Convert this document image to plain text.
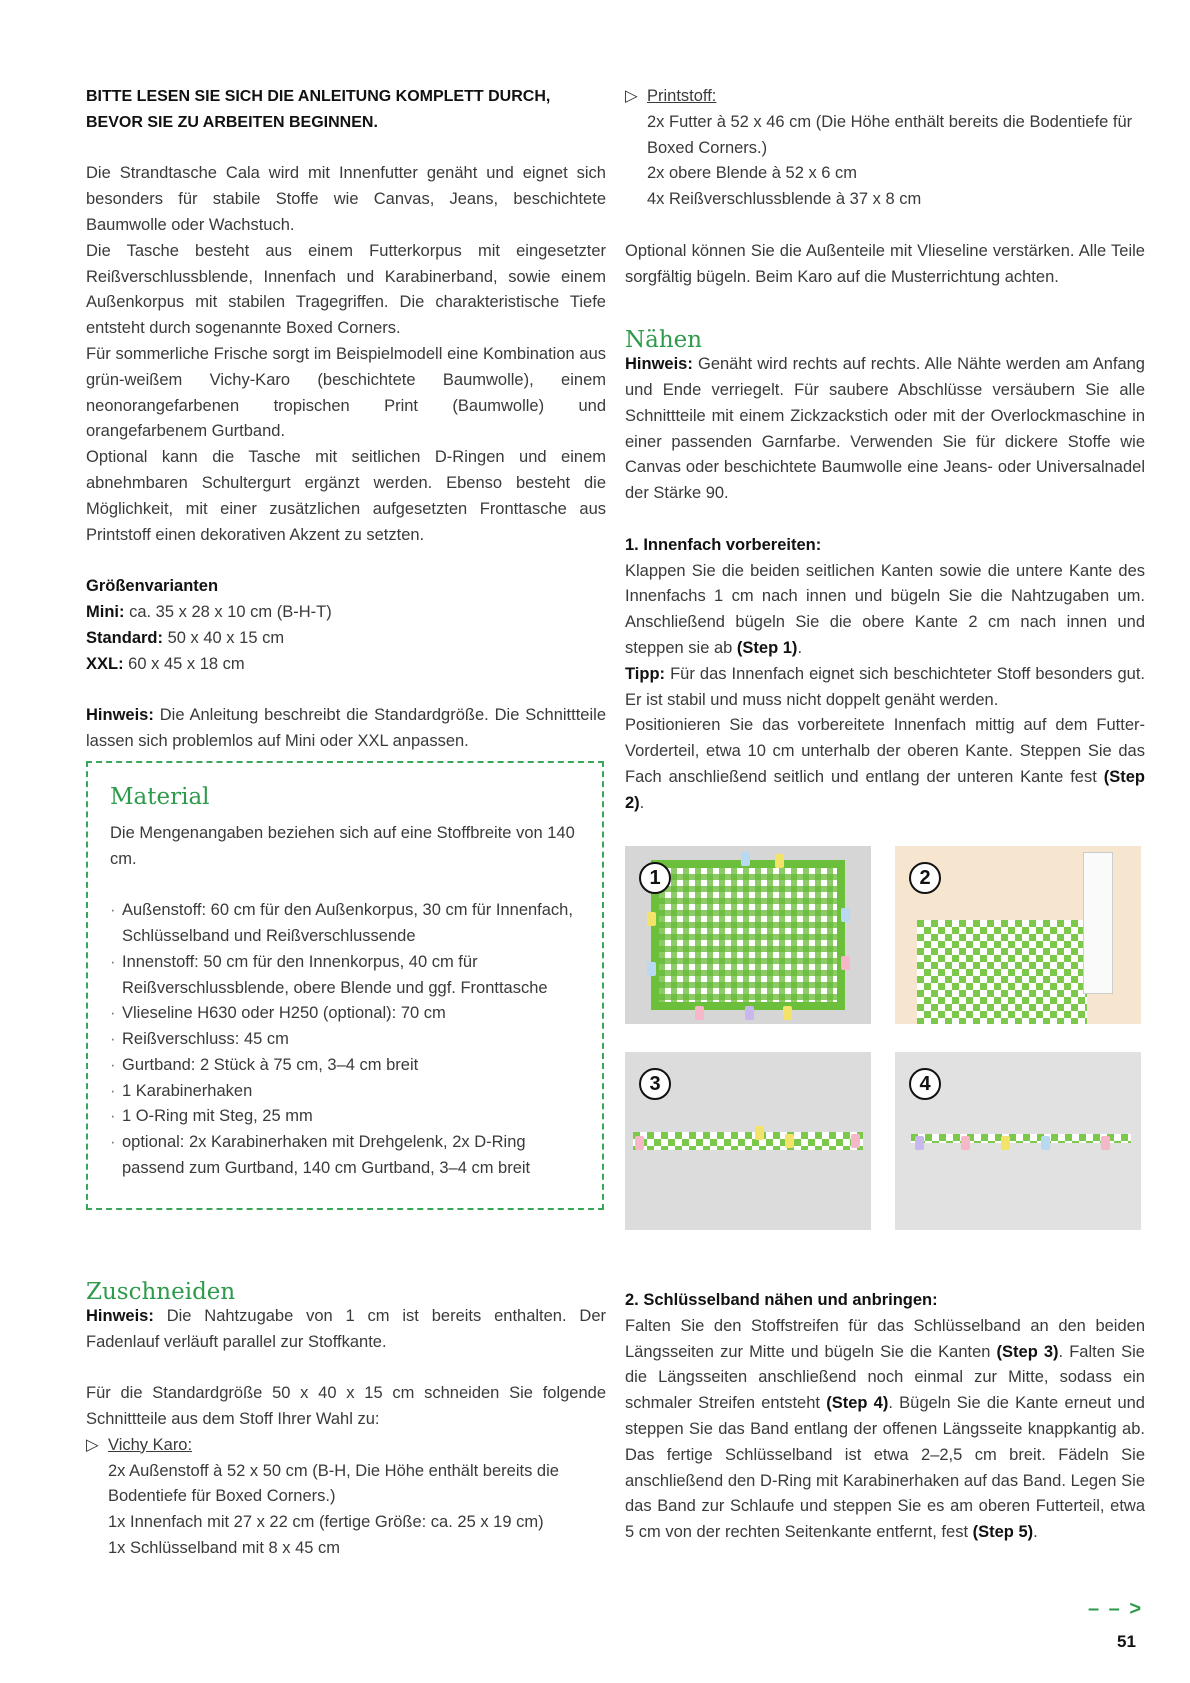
BITTE LESEN SIE SICH DIE ANLEITUNG KOMPLETT DURCH,
BEVOR SIE ZU ARBEITEN BEGINNEN.

Die Strandtasche Cala wird mit Innenfutter genäht und eignet sich besonders für stabile Stoffe wie Canvas, Jeans, beschichtete Baumwolle oder Wachstuch.

Die Tasche besteht aus einem Futterkorpus mit eingesetzter Reißverschlussblende, Innenfach und Karabinerband, sowie einem Außenkorpus mit stabilen Tragegriffen. Die charakteristische Tiefe entsteht durch sogenannte Boxed Corners.

Für sommerliche Frische sorgt im Beispielmodell eine Kombination aus grün-weißem Vichy-Karo (beschichtete Baumwolle), einem neonorangefarbenen tropischen Print (Baumwolle) und orangefarbenem Gurtband.

Optional kann die Tasche mit seitlichen D-Ringen und einem abnehmbaren Schultergurt ergänzt werden. Ebenso besteht die Möglichkeit, mit einer zusätzlichen aufgesetzten Fronttasche aus Printstoff einen dekorativen Akzent zu setzten.

Größenvarianten
Mini: ca. 35 x 28 x 10 cm (B-H-T)
Standard: 50 x 40 x 15 cm
XXL: 60 x 45 x 18 cm

Hinweis: Die Anleitung beschreibt die Standardgröße. Die Schnittteile lassen sich problemlos auf Mini oder XXL anpassen.

Material

Die Mengenangaben beziehen sich auf eine Stoffbreite von 140 cm.

· Außenstoff: 60 cm für den Außenkorpus, 30 cm für Innenfach, Schlüsselband und Reißverschlussende
· Innenstoff: 50 cm für den Innenkorpus, 40 cm für Reißverschlussblende, obere Blende und ggf. Fronttasche
· Vlieseline H630 oder H250 (optional): 70 cm
· Reißverschluss: 45 cm
· Gurtband: 2 Stück à 75 cm, 3–4 cm breit
· 1 Karabinerhaken
· 1 O-Ring mit Steg, 25 mm
· optional: 2x Karabinerhaken mit Drehgelenk, 2x D-Ring passend zum Gurtband, 140 cm Gurtband, 3–4 cm breit
Zuschneiden

Hinweis: Die Nahtzugabe von 1 cm ist bereits enthalten. Der Fadenlauf verläuft parallel zur Stoffkante.

Für die Standardgröße 50 x 40 x 15 cm schneiden Sie folgende Schnittteile aus dem Stoff Ihrer Wahl zu:

▷ Vichy Karo:
2x Außenstoff à 52 x 50 cm (B-H, Die Höhe enthält bereits die Bodentiefe für Boxed Corners.)
1x Innenfach mit 27 x 22 cm (fertige Größe: ca. 25 x 19 cm)
1x Schlüsselband mit 8 x 45 cm
▷ Printstoff:
2x Futter à 52 x 46 cm (Die Höhe enthält bereits die Bodentiefe für Boxed Corners.)
2x obere Blende à 52 x 6 cm
4x Reißverschlussblende à 37 x 8 cm

Optional können Sie die Außenteile mit Vlieseline verstärken. Alle Teile sorgfältig bügeln. Beim Karo auf die Musterrichtung achten.

Nähen

Hinweis: Genäht wird rechts auf rechts. Alle Nähte werden am Anfang und Ende verriegelt. Für saubere Abschlüsse versäubern Sie alle Schnittteile mit einem Zickzackstich oder mit der Overlockmaschine in einer passenden Garnfarbe. Verwenden Sie für dickere Stoffe wie Canvas oder beschichtete Baumwolle eine Jeans- oder Universalnadel der Stärke 90.

1. Innenfach vorbereiten:

Klappen Sie die beiden seitlichen Kanten sowie die untere Kante des Innenfachs 1 cm nach innen und bügeln Sie die Nahtzugaben um. Anschließend bügeln Sie die obere Kante 2 cm nach innen und steppen sie ab (Step 1).

Tipp: Für das Innenfach eignet sich beschichteter Stoff besonders gut. Er ist stabil und muss nicht doppelt genäht werden.

Positionieren Sie das vorbereitete Innenfach mittig auf dem Futter-Vorderteil, etwa 10 cm unterhalb der oberen Kante. Steppen Sie das Fach anschließend seitlich und entlang der unteren Kante fest (Step 2).

1	2
3	4
2. Schlüsselband nähen und anbringen:

Falten Sie den Stoffstreifen für das Schlüsselband an den beiden Längsseiten zur Mitte und bügeln Sie die Kanten (Step 3). Falten Sie die Längsseiten anschließend noch einmal zur Mitte, sodass ein schmaler Streifen entsteht (Step 4). Bügeln Sie die Kante erneut und steppen Sie das Band entlang der offenen Längsseite knappkantig ab. Das fertige Schlüsselband ist etwa 2–2,5 cm breit. Fädeln Sie anschließend den D-Ring mit Karabinerhaken auf das Band. Legen Sie das Band zur Schlaufe und steppen Sie es am oberen Futterteil, etwa 5 cm von der rechten Seitenkante entfernt, fest (Step 5).

– – >
51
